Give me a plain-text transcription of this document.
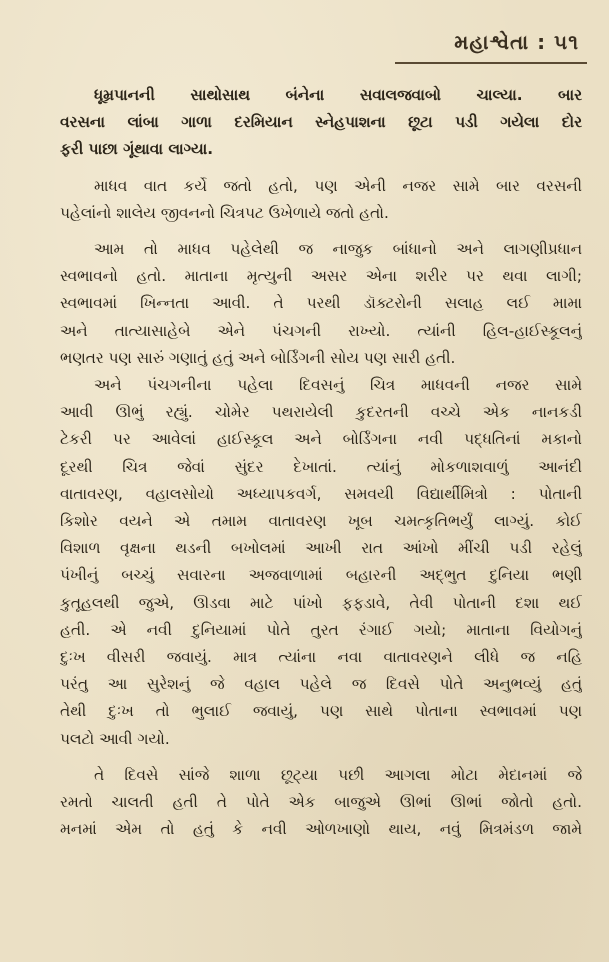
મહાશ્વેતા : ૫૧
ધૂમ્રપાનની સાથોસાથ બંનેના સવાલજવાબો ચાલ્યા. બાર
વરસના લાંબા ગાળા દરમિયાન સ્નેહપાશના છૂટા પડી ગયેલા દોર
ફરી પાછા ગૂંથાવા લાગ્યા.
માધવ વાત કર્યે જતો હતો, પણ એની નજર સામે બાર વરસની
પહેલાંનો શાલેય જીવનનો ચિત્રપટ ઉખેળાયે જતો હતો.
આમ તો માધવ પહેલેથી જ નાજુક બાંધાનો અને લાગણીપ્રધાન
સ્વભાવનો હતો. માતાના મૃત્યુની અસર એના શરીર પર થવા લાગી;
સ્વભાવમાં ખિન્નતા આવી. તે પરથી ડૉક્ટરોની સલાહ લઈ મામા
અને તાત્યાસાહેબે એને પંચગની રાખ્યો. ત્યાંની હિલ-હાઈસ્કૂલનું
ભણતર પણ સારું ગણાતું હતું અને બોર્ડિંગની સોય પણ સારી હતી.
અને પંચગનીના પહેલા દિવસનું ચિત્ર માધવની નજર સામે
આવી ઊભું રહ્યું. ચોમેર પથરાયેલી કુદરતની વચ્ચે એક નાનકડી
ટેકરી પર આવેલાં હાઈસ્કૂલ અને બોર્ડિંગના નવી પદ્ધતિનાં મકાનો
દૂરથી ચિત્ર જેવાં સુંદર દેખાતાં. ત્યાંનું મોકળાશવાળું આનંદી
વાતાવરણ, વહાલસોયો અધ્યાપકવર્ગ, સમવયી વિદ્યાર્થીમિત્રો : પોતાની
કિશોર વયને એ તમામ વાતાવરણ ખૂબ ચમત્કૃતિભર્યું લાગ્યું. કોઈ
વિશાળ વૃક્ષના થડની બખોલમાં આખી રાત આંખો મીંચી પડી રહેલું
પંખીનું બચ્ચું સવારના અજવાળામાં બહારની અદ્ભુત દુનિયા ભણી
કુતૂહલથી જુએ, ઊડવા માટે પાંખો ફફડાવે, તેવી પોતાની દશા થઈ
હતી. એ નવી દુનિયામાં પોતે તુરત રંગાઈ ગયો; માતાના વિયોગનું
દુઃખ વીસરી જવાયું. માત્ર ત્યાંના નવા વાતાવરણને લીધે જ નહિ
પરંતુ આ સુરેશનું જે વહાલ પહેલે જ દિવસે પોતે અનુભવ્યું હતું
તેથી દુઃખ તો ભુલાઈ જવાયું, પણ સાથે પોતાના સ્વભાવમાં પણ
પલટો આવી ગયો.
તે દિવસે સાંજે શાળા છૂટ્યા પછી આગલા મોટા મેદાનમાં જે
રમતો ચાલતી હતી તે પોતે એક બાજુએ ઊભાં ઊભાં જોતો હતો.
મનમાં એમ તો હતું કે નવી ઓળખાણો થાય, નવું મિત્રમંડળ જામે
